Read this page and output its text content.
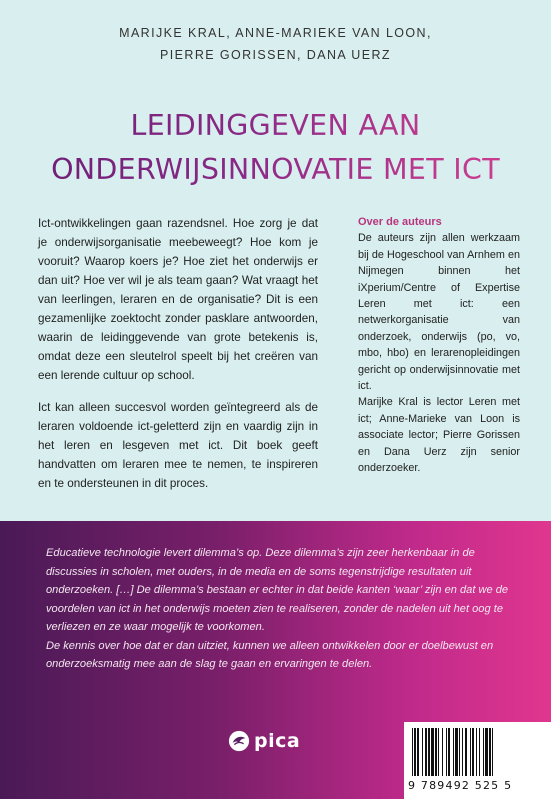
MARIJKE KRAL, ANNE-MARIEKE VAN LOON,
PIERRE GORISSEN, DANA UERZ
LEIDINGGEVEN AAN
ONDERWIJSINNOVATIE MET ICT

Ict-ontwikkelingen gaan razendsnel. Hoe zorg je dat je onderwijsorganisatie meebeweegt? Hoe kom je vooruit? Waarop koers je? Hoe ziet het onderwijs er dan uit? Hoe ver wil je als team gaan? Wat vraagt het van leerlingen, leraren en de organisatie? Dit is een gezamenlijke zoektocht zonder pasklare antwoorden, waarin de leidinggevende van grote betekenis is, omdat deze een sleutelrol speelt bij het creëren van een lerende cultuur op school.

Ict kan alleen succesvol worden geïntegreerd als de leraren voldoende ict-geletterd zijn en vaardig zijn in het leren en lesgeven met ict. Dit boek geeft handvatten om leraren mee te nemen, te inspireren en te ondersteunen in dit proces.

Over de auteurs

De auteurs zijn allen werkzaam bij de Hogeschool van Arnhem en Nijmegen binnen het iXperium/Centre of Expertise Leren met ict: een netwerkorganisatie van onderzoek, onderwijs (po, vo, mbo, hbo) en lerarenopleidingen gericht op onderwijsinnovatie met ict.

Marijke Kral is lector Leren met ict; Anne-Marieke van Loon is associate lector; Pierre Gorissen en Dana Uerz zijn senior onderzoeker.

Educatieve technologie levert dilemma’s op. Deze dilemma’s zijn zeer herkenbaar in de discussies in scholen, met ouders, in de media en de soms tegenstrijdige resultaten uit onderzoeken. […] De dilemma’s bestaan er echter in dat beide kanten ‘waar’ zijn en dat we de voordelen van ict in het onderwijs moeten zien te realiseren, zonder de nadelen uit het oog te verliezen en ze waar mogelijk te voorkomen.

De kennis over hoe dat er dan uitziet, kunnen we alleen ontwikkelen door er doelbewust en onderzoeksmatig mee aan de slag te gaan en ervaringen te delen.

pica
9 789492 525 5
